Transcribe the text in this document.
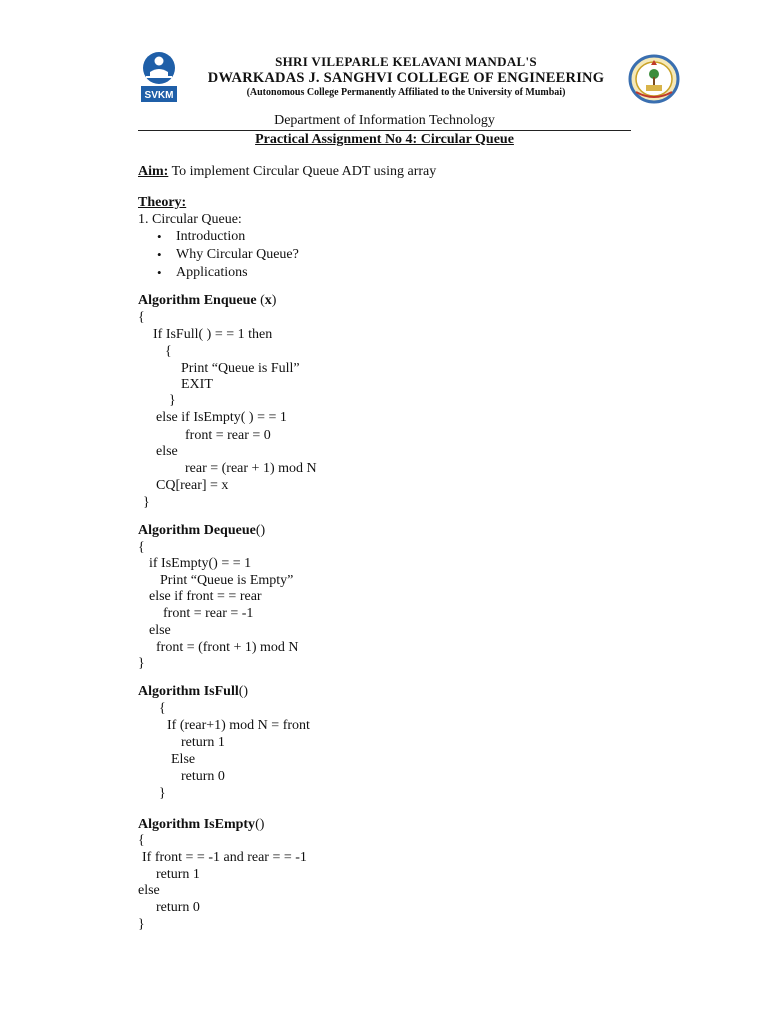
SVKM
SHRI VILEPARLE KELAVANI MANDAL'S
DWARKADAS J. SANGHVI COLLEGE OF ENGINEERING
(Autonomous College Permanently Affiliated to the University of Mumbai)
Department of Information Technology
Practical Assignment No 4: Circular Queue
Aim: To implement Circular Queue ADT using array
Theory:
1. Circular Queue:
• Introduction
• Why Circular Queue?
• Applications
Algorithm Enqueue (x)
{
If IsFull( ) = = 1 then
{
Print “Queue is Full”
EXIT
}
else if IsEmpty( ) = = 1
front = rear = 0
else
rear = (rear + 1) mod N
CQ[rear] = x
}
Algorithm Dequeue()
{
if IsEmpty() = = 1
Print “Queue is Empty”
else if front = = rear
front = rear = -1
else
front = (front + 1) mod N
}
Algorithm IsFull()
{
If (rear+1) mod N = front
return 1
Else
return 0
}
Algorithm IsEmpty()
{
If front = = -1 and rear = = -1
return 1
else
return 0
}
